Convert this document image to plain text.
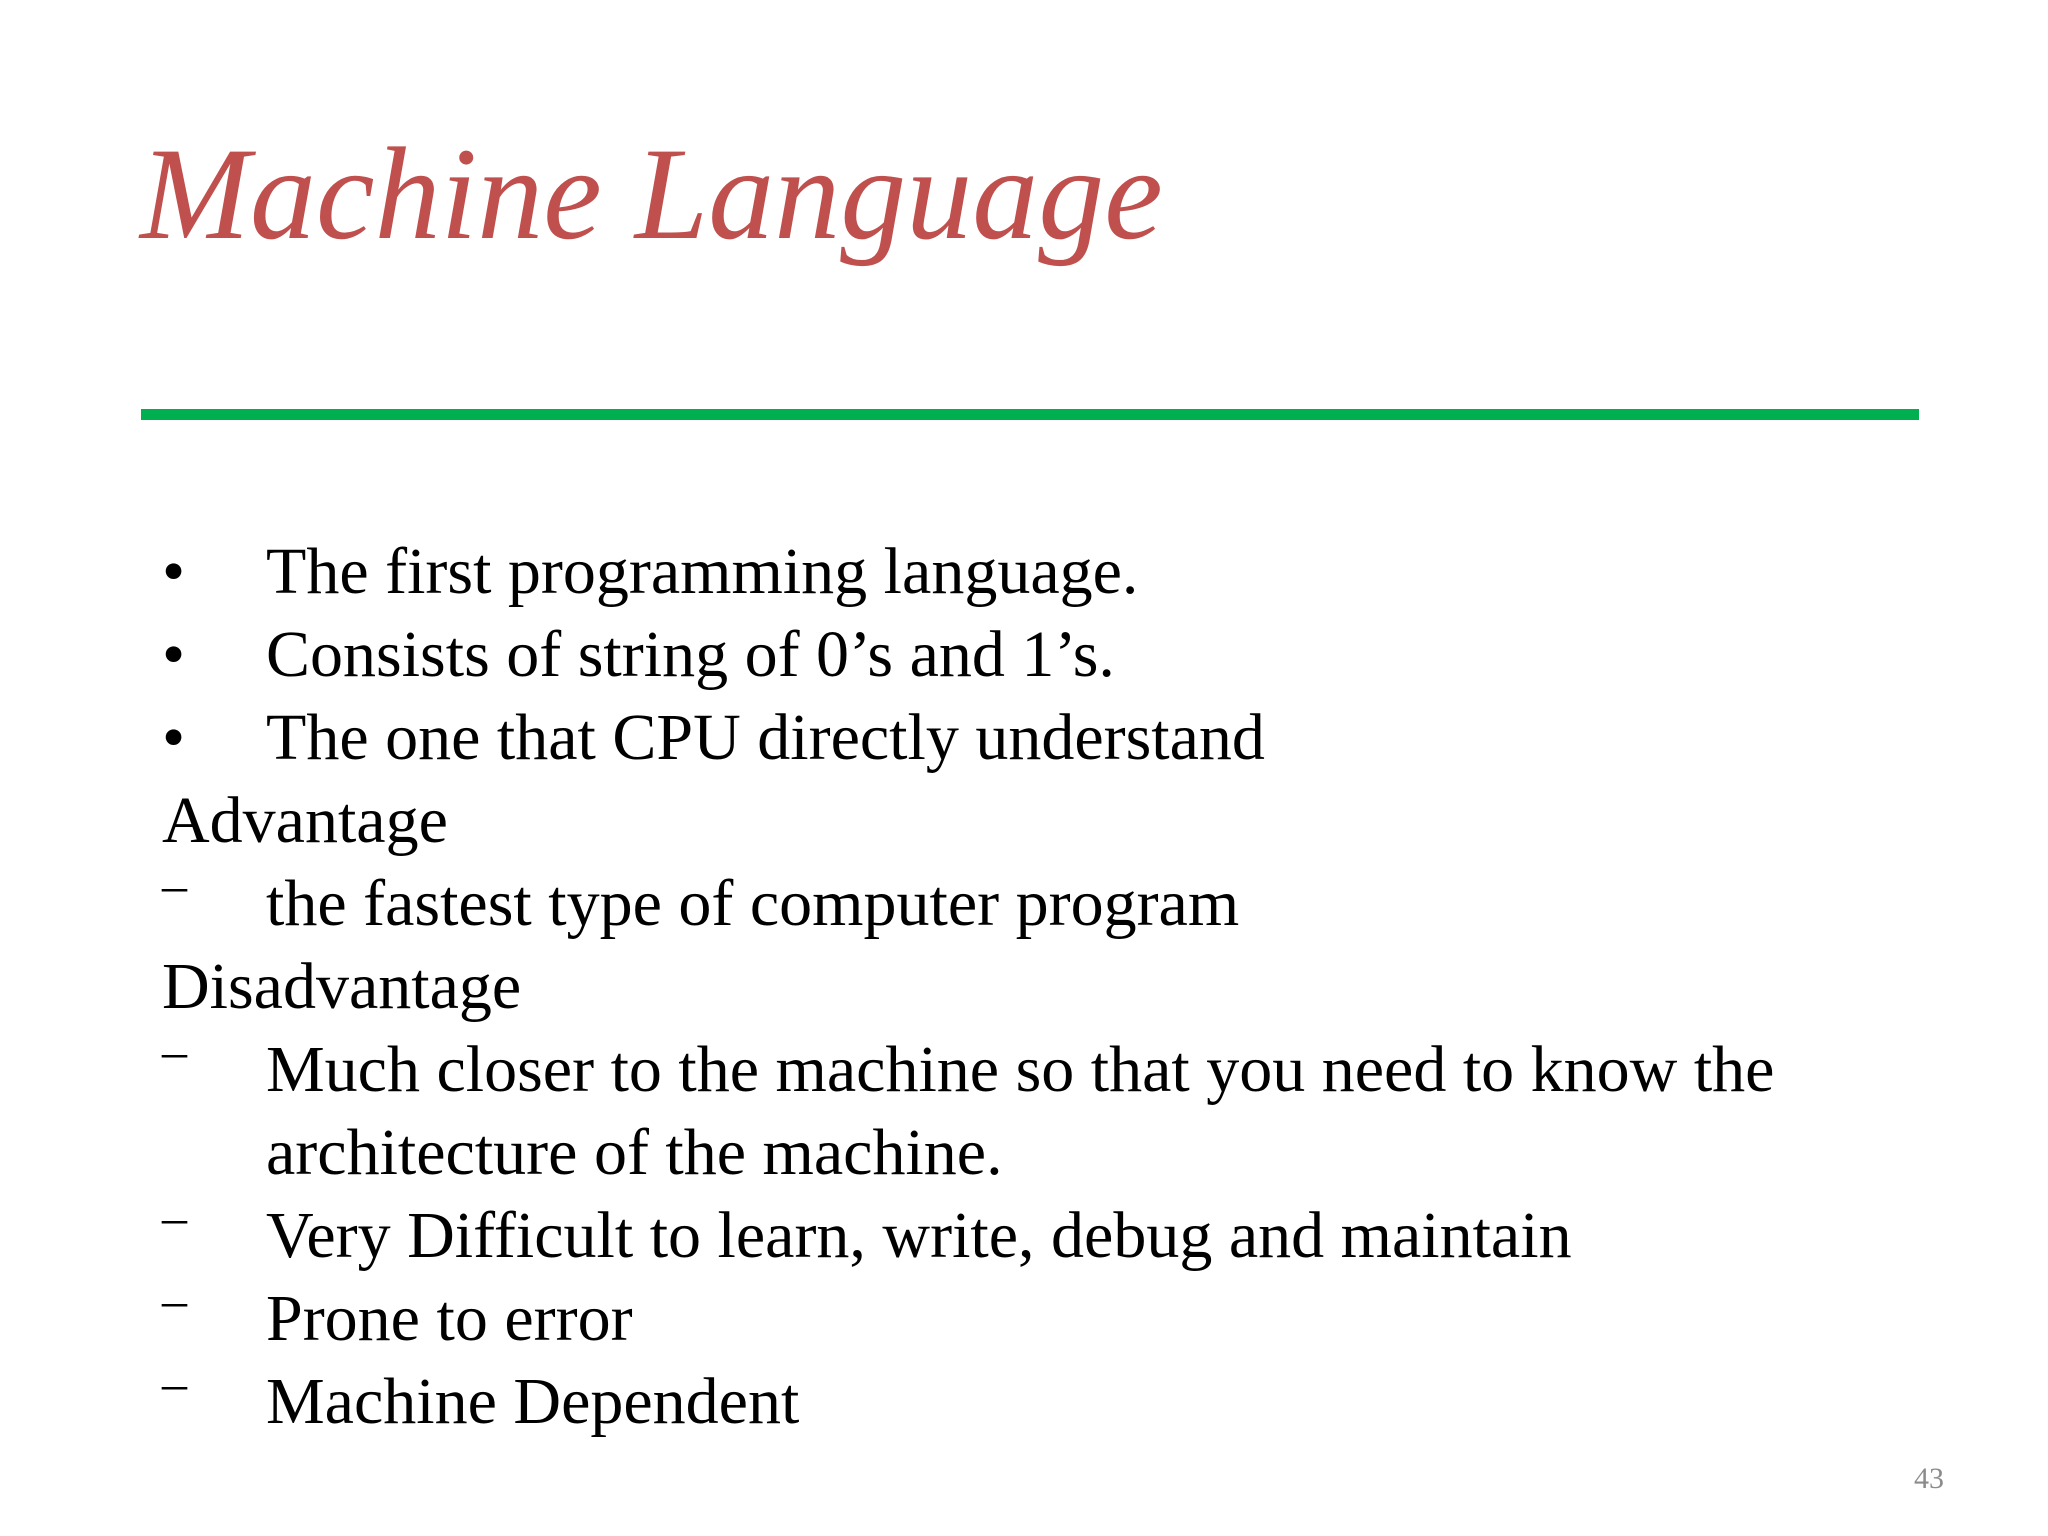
Machine Language
•	The first programming language.
•	Consists of string of 0’s and 1’s.
•	The one that CPU directly understand
Advantage
–	the fastest type of computer program
Disadvantage
–	Much closer to the machine so that you need to know the architecture of the machine.
–	Very Difficult to learn, write, debug and maintain
–	Prone to error
–	Machine Dependent
43
